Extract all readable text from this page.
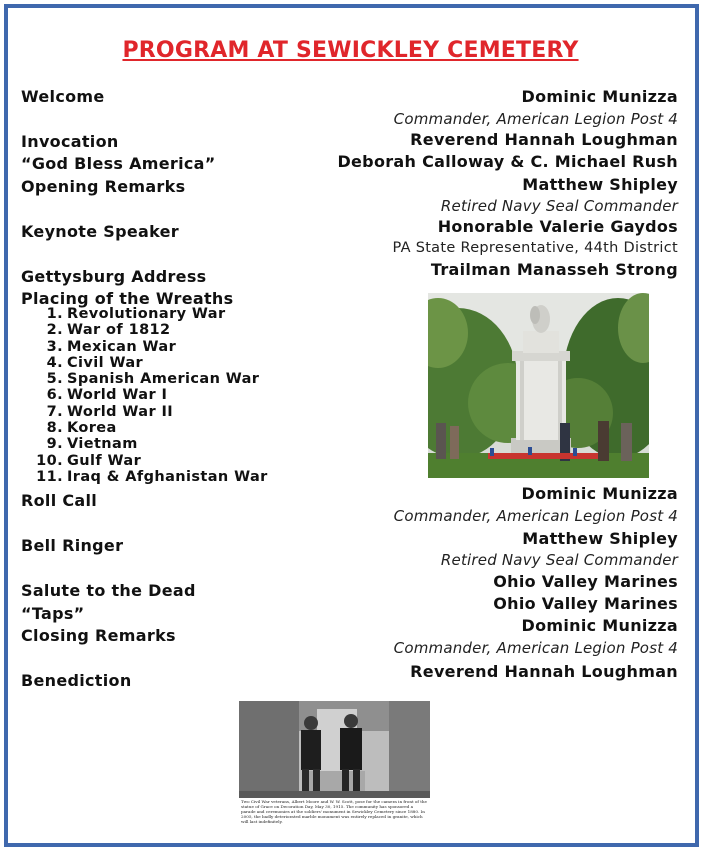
PROGRAM AT SEWICKLEY CEMETERY
Welcome
Invocation
“God Bless America”
Opening Remarks
Keynote Speaker
Gettysburg Address
Placing of the Wreaths
1. Revolutionary War
2. War of 1812
3. Mexican War
4. Civil War
5. Spanish American War
6. World War I
7. World War II
8. Korea
9. Vietnam
10. Gulf War
11. Iraq & Afghanistan War
Roll Call
Bell Ringer
Salute to the Dead
“Taps”
Closing Remarks
Benediction
Dominic Munizza
Commander, American Legion Post 4
Reverend Hannah Loughman
Deborah Calloway & C. Michael Rush
Matthew Shipley
Retired Navy Seal Commander
Honorable Valerie Gaydos
PA State Representative, 44th District
Trailman Manasseh Strong
Dominic Munizza
Commander, American Legion Post 4
Matthew Shipley
Retired Navy Seal Commander
Ohio Valley Marines
Ohio Valley Marines
Dominic Munizza
Commander, American Legion Post 4
Reverend Hannah Loughman
Two Civil War veterans, Albert Moore and W. W. Scott, pose for the camera in front of the statue of Grace on Decoration Day, May 30, 1915. The community has sponsored a parade and ceremonies at the soldiers' monument in Sewickley Cemetery since 1880. In 2005, the badly deteriorated marble monument was entirely replaced in granite, which will last indefinitely.
